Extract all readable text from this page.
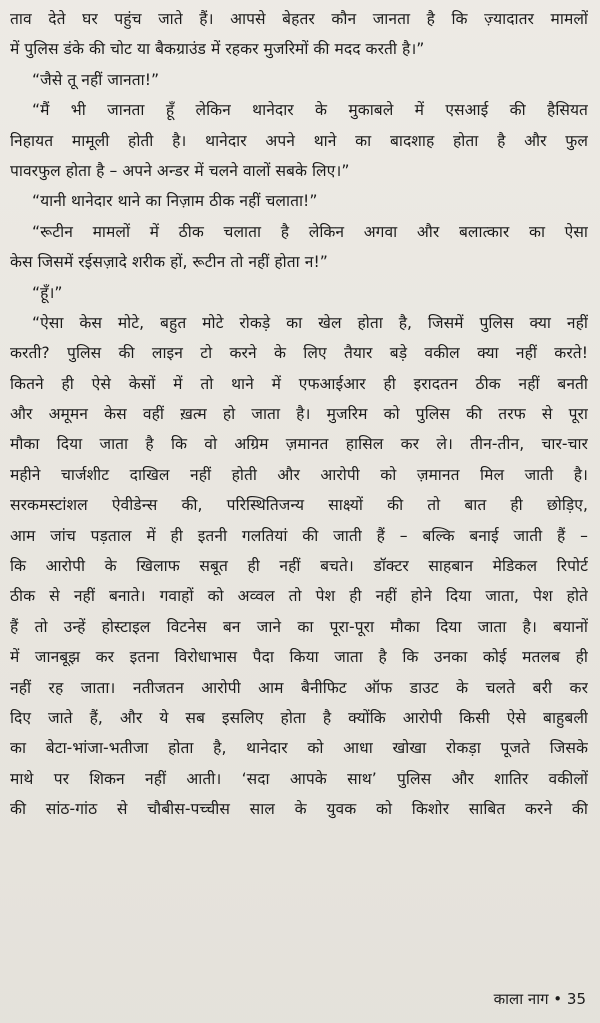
ताव देते घर पहुंच जाते हैं। आपसे बेहतर कौन जानता है कि ज़्यादातर मामलों
में पुलिस डंके की चोट या बैकग्राउंड में रहकर मुजरिमों की मदद करती है।”
“जैसे तू नहीं जानता!”
“मैं भी जानता हूँ लेकिन थानेदार के मुकाबले में एसआई की हैसियत
निहायत मामूली होती है। थानेदार अपने थाने का बादशाह होता है और फुल
पावरफुल होता है – अपने अन्डर में चलने वालों सबके लिए।”
“यानी थानेदार थाने का निज़ाम ठीक नहीं चलाता!”
“रूटीन मामलों में ठीक चलाता है लेकिन अगवा और बलात्कार का ऐसा
केस जिसमें रईसज़ादे शरीक हों, रूटीन तो नहीं होता न!”
“हूँ।”
“ऐसा केस मोटे, बहुत मोटे रोकड़े का खेल होता है, जिसमें पुलिस क्या नहीं
करती? पुलिस की लाइन टो करने के लिए तैयार बड़े वकील क्या नहीं करते!
कितने ही ऐसे केसों में तो थाने में एफआईआर ही इरादतन ठीक नहीं बनती
और अमूमन केस वहीं ख़त्म हो जाता है। मुजरिम को पुलिस की तरफ से पूरा
मौका दिया जाता है कि वो अग्रिम ज़मानत हासिल कर ले। तीन-तीन, चार-चार
महीने चार्जशीट दाखिल नहीं होती और आरोपी को ज़मानत मिल जाती है।
सरकमस्टांशल ऐवीडेन्स की, परिस्थितिजन्य साक्ष्यों की तो बात ही छोड़िए,
आम जांच पड़ताल में ही इतनी गलतियां की जाती हैं – बल्कि बनाई जाती हैं –
कि आरोपी के खिलाफ सबूत ही नहीं बचते। डॉक्टर साहबान मेडिकल रिपोर्ट
ठीक से नहीं बनाते। गवाहों को अव्वल तो पेश ही नहीं होने दिया जाता, पेश होते
हैं तो उन्हें होस्टाइल विटनेस बन जाने का पूरा-पूरा मौका दिया जाता है। बयानों
में जानबूझ कर इतना विरोधाभास पैदा किया जाता है कि उनका कोई मतलब ही
नहीं रह जाता। नतीजतन आरोपी आम बैनीफिट ऑफ डाउट के चलते बरी कर
दिए जाते हैं, और ये सब इसलिए होता है क्योंकि आरोपी किसी ऐसे बाहुबली
का बेटा-भांजा-भतीजा होता है, थानेदार को आधा खोखा रोकड़ा पूजते जिसके
माथे पर शिकन नहीं आती। ‘सदा आपके साथ’ पुलिस और शातिर वकीलों
की सांठ-गांठ से चौबीस-पच्चीस साल के युवक को किशोर साबित करने की
काला नाग • 35
